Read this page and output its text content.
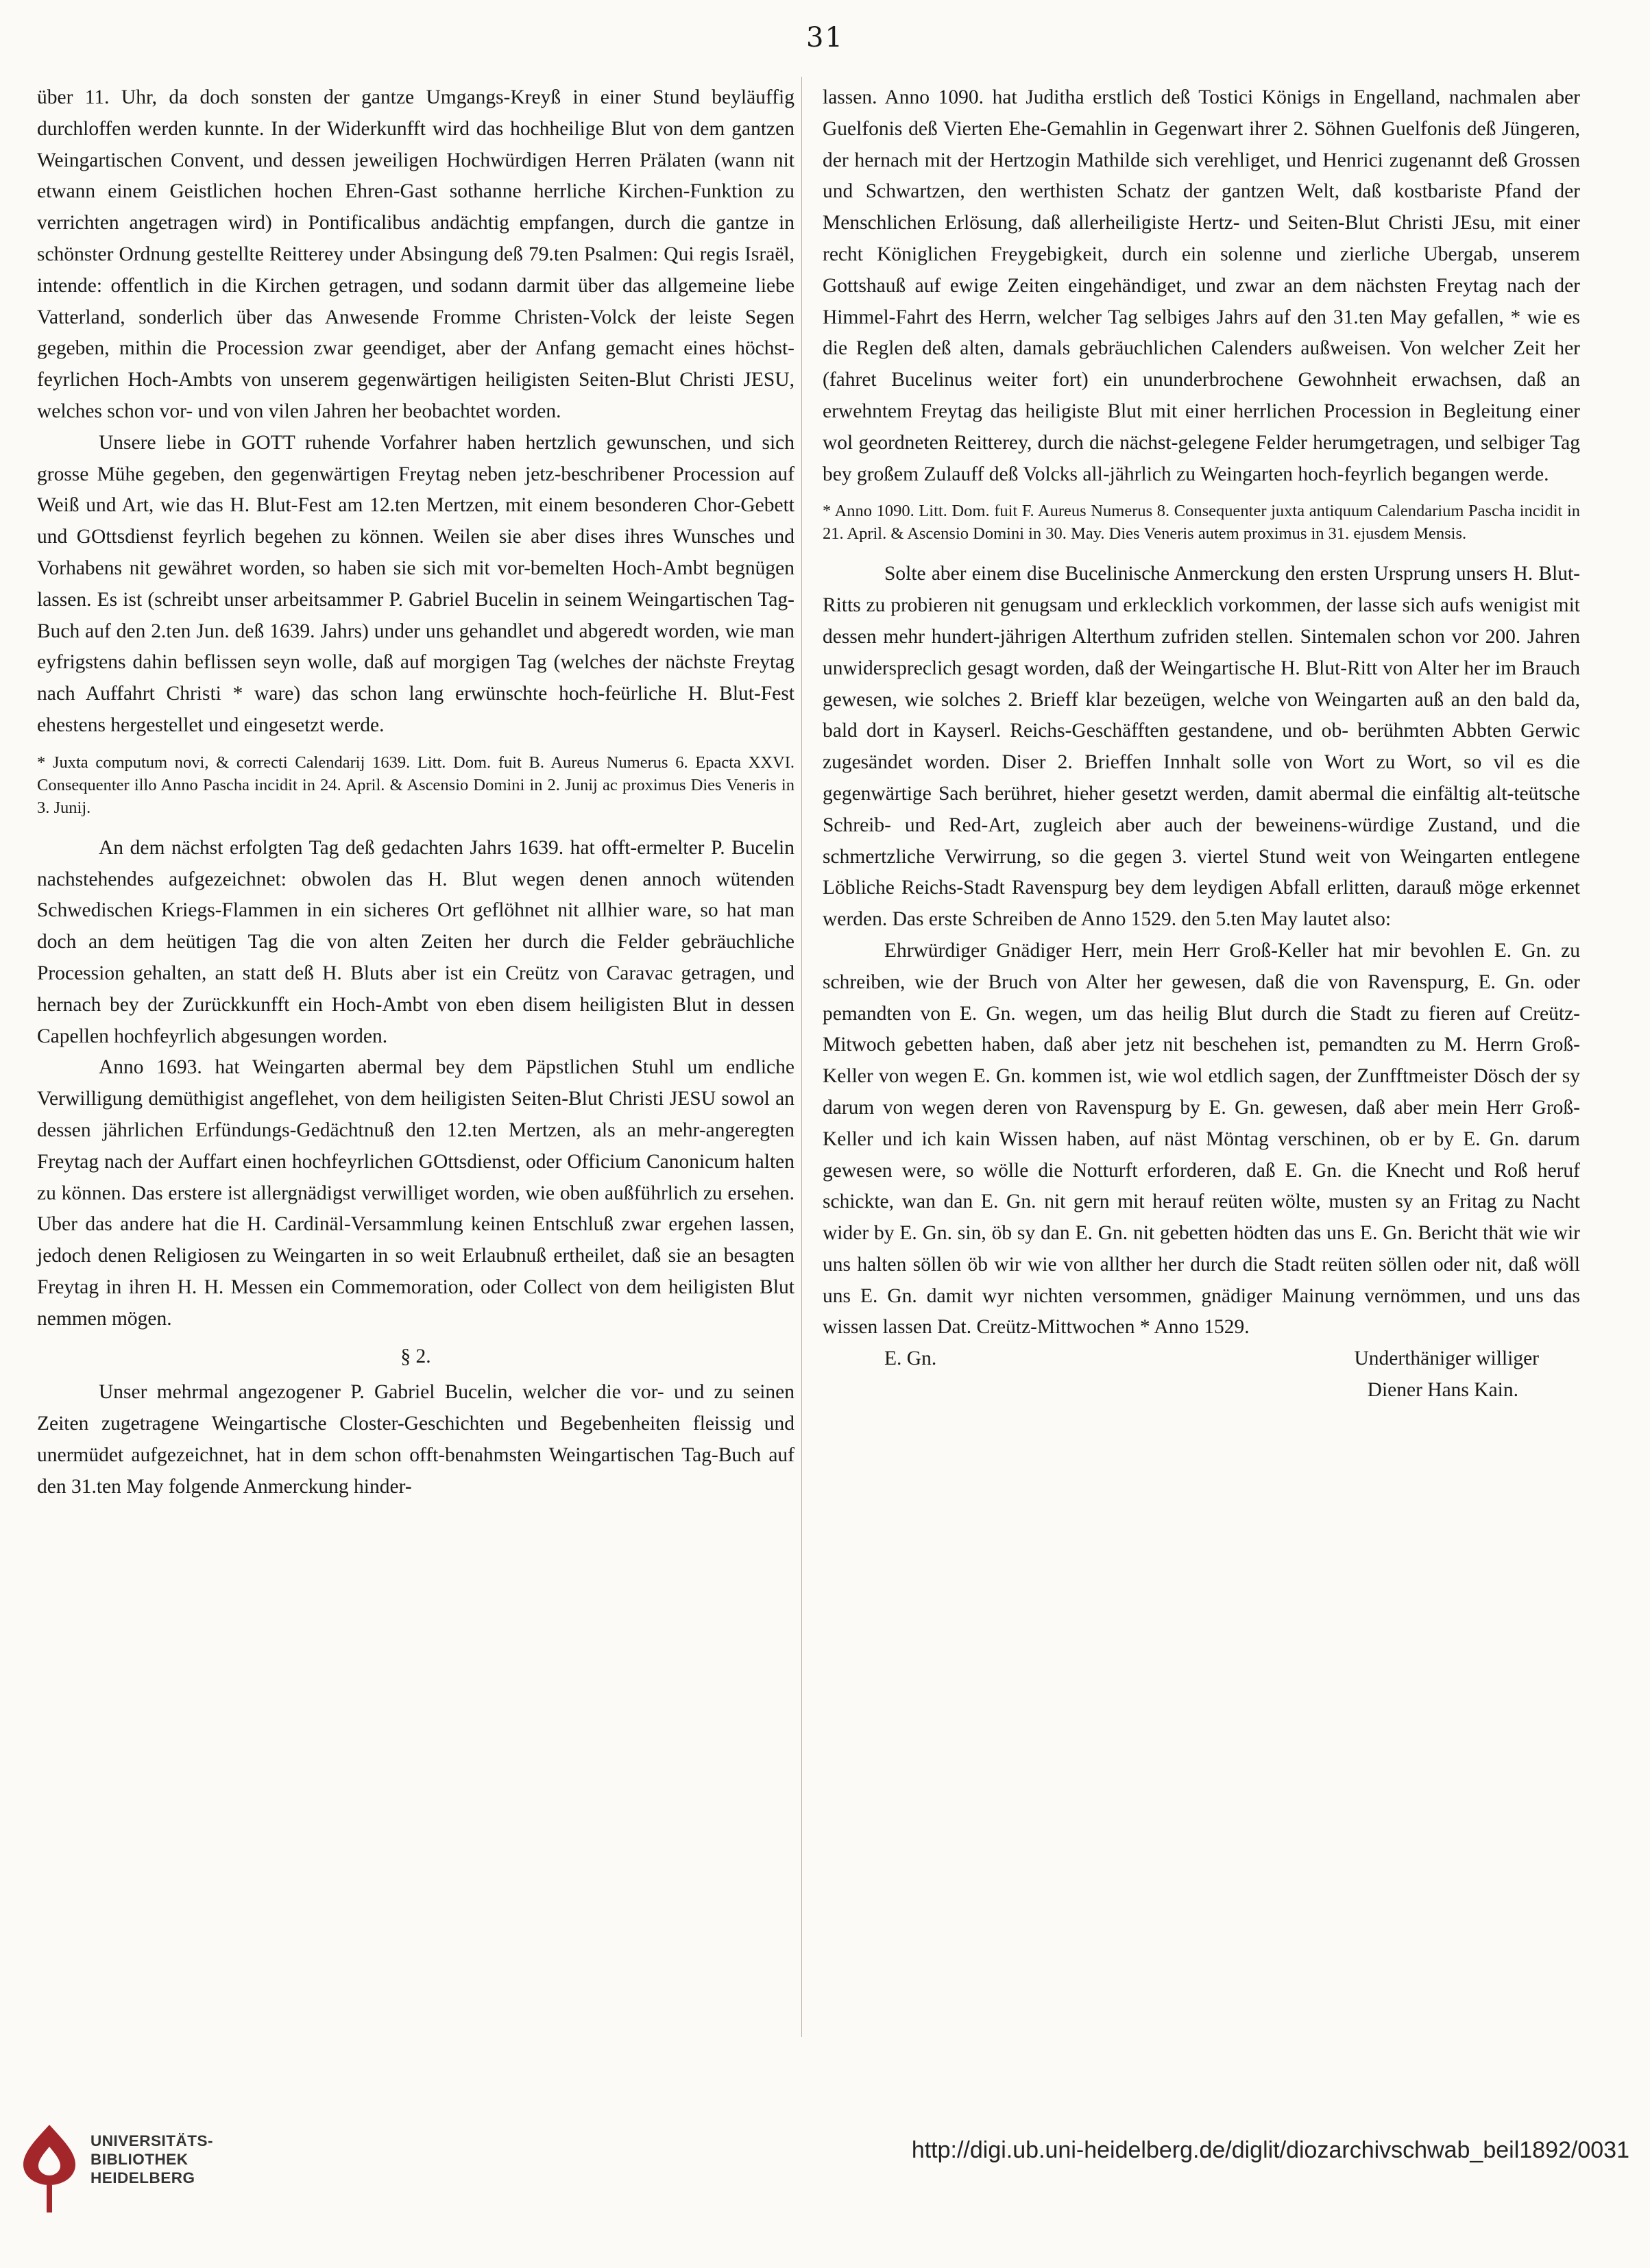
31

über 11. Uhr, da doch sonsten der gantze Umgangs-Kreyß in einer Stund beyläuffig durchloffen werden kunnte. In der Widerkunfft wird das hochheilige Blut von dem gantzen Weingartischen Convent, und dessen jeweiligen Hochwürdigen Herren Prälaten (wann nit etwann einem Geistlichen hochen Ehren-Gast sothanne herrliche Kirchen-Funktion zu verrichten angetragen wird) in Pontificalibus andächtig empfangen, durch die gantze in schönster Ordnung gestellte Reitterey under Absingung deß 79.ten Psalmen: Qui regis Israël, intende: offentlich in die Kirchen getragen, und sodann darmit über das allgemeine liebe Vatterland, sonderlich über das Anwesende Fromme Christen-Volck der leiste Segen gegeben, mithin die Procession zwar geendiget, aber der Anfang gemacht eines höchst-feyrlichen Hoch-Ambts von unserem gegenwärtigen heiligisten Seiten-Blut Christi JESU, welches schon vor- und von vilen Jahren her beobachtet worden.

Unsere liebe in GOTT ruhende Vorfahrer haben hertzlich gewunschen, und sich grosse Mühe gegeben, den gegenwärtigen Freytag neben jetz-beschribener Procession auf Weiß und Art, wie das H. Blut-Fest am 12.ten Mertzen, mit einem besonderen Chor-Gebett und GOttsdienst feyrlich begehen zu können. Weilen sie aber dises ihres Wunsches und Vorhabens nit gewähret worden, so haben sie sich mit vor-bemelten Hoch-Ambt begnügen lassen. Es ist (schreibt unser arbeitsammer P. Gabriel Bucelin in seinem Weingartischen Tag-Buch auf den 2.ten Jun. deß 1639. Jahrs) under uns gehandlet und abgeredt worden, wie man eyfrigstens dahin beflissen seyn wolle, daß auf morgigen Tag (welches der nächste Freytag nach Auffahrt Christi * ware) das schon lang erwünschte hoch-feürliche H. Blut-Fest ehestens hergestellet und eingesetzt werde.

* Juxta computum novi, & correcti Calendarij 1639. Litt. Dom. fuit B. Aureus Numerus 6. Epacta XXVI. Consequenter illo Anno Pascha incidit in 24. April. & Ascensio Domini in 2. Junij ac proximus Dies Veneris in 3. Junij.

An dem nächst erfolgten Tag deß gedachten Jahrs 1639. hat offt-ermelter P. Bucelin nachstehendes aufgezeichnet: obwolen das H. Blut wegen denen annoch wütenden Schwedischen Kriegs-Flammen in ein sicheres Ort geflöhnet nit allhier ware, so hat man doch an dem heütigen Tag die von alten Zeiten her durch die Felder gebräuchliche Procession gehalten, an statt deß H. Bluts aber ist ein Creütz von Caravac getragen, und hernach bey der Zurückkunfft ein Hoch-Ambt von eben disem heiligisten Blut in dessen Capellen hochfeyrlich abgesungen worden.

Anno 1693. hat Weingarten abermal bey dem Päpstlichen Stuhl um endliche Verwilligung demüthigist angeflehet, von dem heiligisten Seiten-Blut Christi JESU sowol an dessen jährlichen Erfündungs-Gedächtnuß den 12.ten Mertzen, als an mehr-angeregten Freytag nach der Auffart einen hochfeyrlichen GOttsdienst, oder Officium Canonicum halten zu können. Das erstere ist allergnädigst verwilliget worden, wie oben außführlich zu ersehen. Uber das andere hat die H. Cardinäl-Versammlung keinen Entschluß zwar ergehen lassen, jedoch denen Religiosen zu Weingarten in so weit Erlaubnuß ertheilet, daß sie an besagten Freytag in ihren H. H. Messen ein Commemoration, oder Collect von dem heiligisten Blut nemmen mögen.

§ 2.

Unser mehrmal angezogener P. Gabriel Bucelin, welcher die vor- und zu seinen Zeiten zugetragene Weingartische Closter-Geschichten und Begebenheiten fleissig und unermüdet aufgezeichnet, hat in dem schon offt-benahmsten Weingartischen Tag-Buch auf den 31.ten May folgende Anmerckung hinder-

lassen. Anno 1090. hat Juditha erstlich deß Tostici Königs in Engelland, nachmalen aber Guelfonis deß Vierten Ehe-Gemahlin in Gegenwart ihrer 2. Söhnen Guelfonis deß Jüngeren, der hernach mit der Hertzogin Mathilde sich verehliget, und Henrici zugenannt deß Grossen und Schwartzen, den werthisten Schatz der gantzen Welt, daß kostbariste Pfand der Menschlichen Erlösung, daß allerheiligiste Hertz- und Seiten-Blut Christi JEsu, mit einer recht Königlichen Freygebigkeit, durch ein solenne und zierliche Ubergab, unserem Gottshauß auf ewige Zeiten eingehändiget, und zwar an dem nächsten Freytag nach der Himmel-Fahrt des Herrn, welcher Tag selbiges Jahrs auf den 31.ten May gefallen, * wie es die Reglen deß alten, damals gebräuchlichen Calenders außweisen. Von welcher Zeit her (fahret Bucelinus weiter fort) ein ununderbrochene Gewohnheit erwachsen, daß an erwehntem Freytag das heiligiste Blut mit einer herrlichen Procession in Begleitung einer wol geordneten Reitterey, durch die nächst-gelegene Felder herumgetragen, und selbiger Tag bey großem Zulauff deß Volcks all-jährlich zu Weingarten hoch-feyrlich begangen werde.

* Anno 1090. Litt. Dom. fuit F. Aureus Numerus 8. Consequenter juxta antiquum Calendarium Pascha incidit in 21. April. & Ascensio Domini in 30. May. Dies Veneris autem proximus in 31. ejusdem Mensis.

Solte aber einem dise Bucelinische Anmerckung den ersten Ursprung unsers H. Blut-Ritts zu probieren nit genugsam und erklecklich vorkommen, der lasse sich aufs wenigist mit dessen mehr hundert-jährigen Alterthum zufriden stellen. Sintemalen schon vor 200. Jahren unwiderspreclich gesagt worden, daß der Weingartische H. Blut-Ritt von Alter her im Brauch gewesen, wie solches 2. Brieff klar bezeügen, welche von Weingarten auß an den bald da, bald dort in Kayserl. Reichs-Geschäfften gestandene, und ob- berühmten Abbten Gerwic zugesändet worden. Diser 2. Brieffen Innhalt solle von Wort zu Wort, so vil es die gegenwärtige Sach berühret, hieher gesetzt werden, damit abermal die einfältig alt-teütsche Schreib- und Red-Art, zugleich aber auch der beweinens-würdige Zustand, und die schmertzliche Verwirrung, so die gegen 3. viertel Stund weit von Weingarten entlegene Löbliche Reichs-Stadt Ravenspurg bey dem leydigen Abfall erlitten, darauß möge erkennet werden. Das erste Schreiben de Anno 1529. den 5.ten May lautet also:

Ehrwürdiger Gnädiger Herr, mein Herr Groß-Keller hat mir bevohlen E. Gn. zu schreiben, wie der Bruch von Alter her gewesen, daß die von Ravenspurg, E. Gn. oder pemandten von E. Gn. wegen, um das heilig Blut durch die Stadt zu fieren auf Creütz-Mitwoch gebetten haben, daß aber jetz nit beschehen ist, pemandten zu M. Herrn Groß-Keller von wegen E. Gn. kommen ist, wie wol etdlich sagen, der Zunfftmeister Dösch der sy darum von wegen deren von Ravenspurg by E. Gn. gewesen, daß aber mein Herr Groß-Keller und ich kain Wissen haben, auf näst Möntag verschinen, ob er by E. Gn. darum gewesen were, so wölle die Notturft erforderen, daß E. Gn. die Knecht und Roß heruf schickte, wan dan E. Gn. nit gern mit herauf reüten wölte, musten sy an Fritag zu Nacht wider by E. Gn. sin, öb sy dan E. Gn. nit gebetten hödten das uns E. Gn. Bericht thät wie wir uns halten söllen öb wir wie von allther her durch die Stadt reüten söllen oder nit, daß wöll uns E. Gn. damit wyr nichten versommen, gnädiger Mainung vernömmen, und uns das wissen lassen Dat. Creütz-Mittwochen * Anno 1529.

E. Gn.	Underthäniger williger
Diener Hans Kain.
UNIVERSITÄTS-
BIBLIOTHEK
HEIDELBERG
http://digi.ub.uni-heidelberg.de/diglit/diozarchivschwab_beil1892/0031
